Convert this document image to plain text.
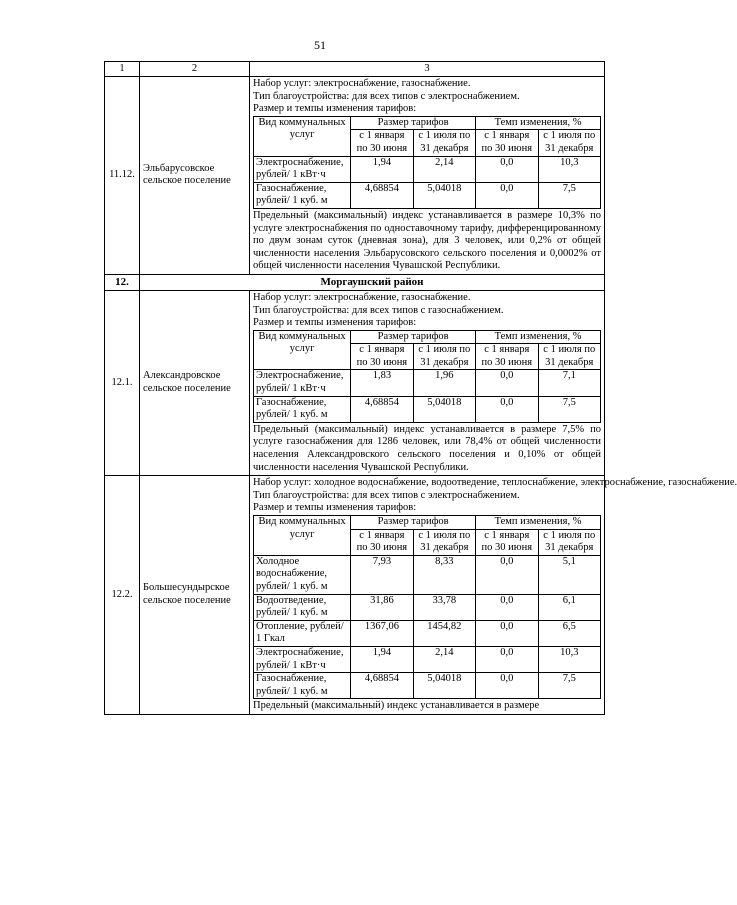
51
1	2	3
11.12.	Эльбарусовское сельское поселение	
Набор услуг: электроснабжение, газоснабжение.
Тип благоустройства: для всех типов с электроснабжением.
Размер и темпы изменения тарифов:
Вид коммунальных услуг	Размер тарифов	Темп изменения, %
с 1 января по 30 июня	с 1 июля по 31 декабря	с 1 января по 30 июня	с 1 июля по 31 декабря
Электроснабжение, рублей/ 1 кВт·ч	1,94	2,14	0,0	10,3
Газоснабжение, рублей/ 1 куб. м	4,68854	5,04018	0,0	7,5
Предельный (максимальный) индекс устанавливается в размере 10,3% по услуге электроснабжения по одноставочному тарифу, дифференцированному по двум зонам суток (дневная зона), для 3 человек, или 0,2% от общей численности населения Эльбарусовского сельского поселения и 0,0002% от общей численности населения Чувашской Республики.

12.	Моргаушский район
12.1.	Александровское сельское поселение	
Набор услуг: электроснабжение, газоснабжение.
Тип благоустройства: для всех типов с газоснабжением.
Размер и темпы изменения тарифов:
Вид коммунальных услуг	Размер тарифов	Темп изменения, %
с 1 января по 30 июня	с 1 июля по 31 декабря	с 1 января по 30 июня	с 1 июля по 31 декабря
Электроснабжение, рублей/ 1 кВт·ч	1,83	1,96	0,0	7,1
Газоснабжение, рублей/ 1 куб. м	4,68854	5,04018	0,0	7,5
Предельный (максимальный) индекс устанавливается в размере 7,5% по услуге газоснабжения для 1286 человек, или 78,4% от общей численности населения Александровского сельского поселения и 0,10% от общей численности населения Чувашской Республики.

12.2.	Большесундырское сельское поселение	
Набор услуг: холодное водоснабжение, водоотведение, теплоснабжение, электроснабжение, газоснабжение.
Тип благоустройства: для всех типов с электроснабжением.
Размер и темпы изменения тарифов:
Вид коммунальных услуг	Размер тарифов	Темп изменения, %
с 1 января по 30 июня	с 1 июля по 31 декабря	с 1 января по 30 июня	с 1 июля по 31 декабря
Холодное водоснабжение, рублей/ 1 куб. м	7,93	8,33	0,0	5,1
Водоотведение, рублей/ 1 куб. м	31,86	33,78	0,0	6,1
Отопление, рублей/ 1 Гкал	1367,06	1454,82	0,0	6,5
Электроснабжение, рублей/ 1 кВт·ч	1,94	2,14	0,0	10,3
Газоснабжение, рублей/ 1 куб. м	4,68854	5,04018	0,0	7,5
Предельный (максимальный) индекс устанавливается в размере
